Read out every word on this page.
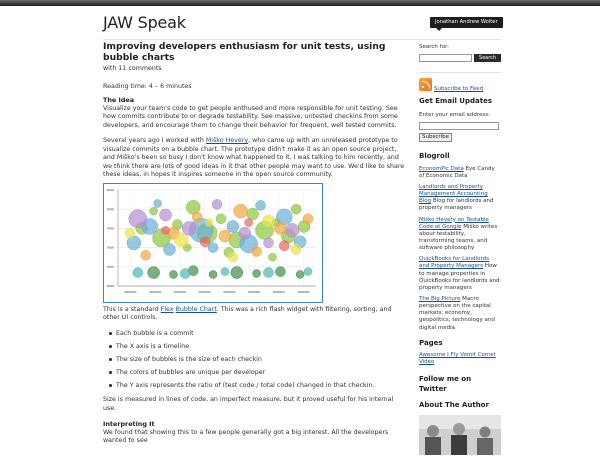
JAW Speak	Jonathan Andrew Wolter
Improving developers enthusiasm for unit tests, using bubble charts
with 11 comments
Reading time: 4 – 6 minutes
The Idea

Visualize your team's code to get people enthused and more responsible for unit testing. See how commits contribute to or degrade testability. See massive, untested checkins from some developers, and encourage them to change their behavior for frequent, well tested commits.

Several years ago I worked with Miško Hevery, who came up with an unreleased prototype to visualize commits on a bubble chart. The prototype didn't make it as an open source project, and Miško's been so busy I don't know what happened to it. I was talking to him recently, and we think there are lots of good ideas in it that other people may want to use. We'd like to share these ideas, in hopes it inspires someone in the open source community.

This is a standard Flex Bubble Chart. This was a rich flash widget with filtering, sorting, and other UI controls.

Each bubble is a commit
The X axis is a timeline
The size of bubbles is the size of each checkin
The colors of bubbles are unique per developer
The Y axis represents the ratio of (test code / total code) changed in that checkin.

Size is measured in lines of code, an imperfect measure, but it proved useful for his internal use.

Interpreting It

We found that showing this to a few people generally got a big interest. All the developers wanted to see

Search for:
Search
Subscribe to Feed
Get Email Updates
Enter your email address:
Subscribe
Blogroll
EconomPic Data Eye Candy of Economic Data
Landlords and Property Management Accounting Blog Blog for landlords and property managers
Miško Hevery on Testable Code at Google Miško writes about testability, transforming teams, and software philosophy
QuickBooks for Landlords and Property Managers How to manage properties in QuickBooks for landlords and property managers
The Big Picture Macro perspective on the capital markets, economy, geopolitics, technology and digital media
Pages
Awesome I Fly Vomit Comet Video
Follow me on Twitter
About The Author
